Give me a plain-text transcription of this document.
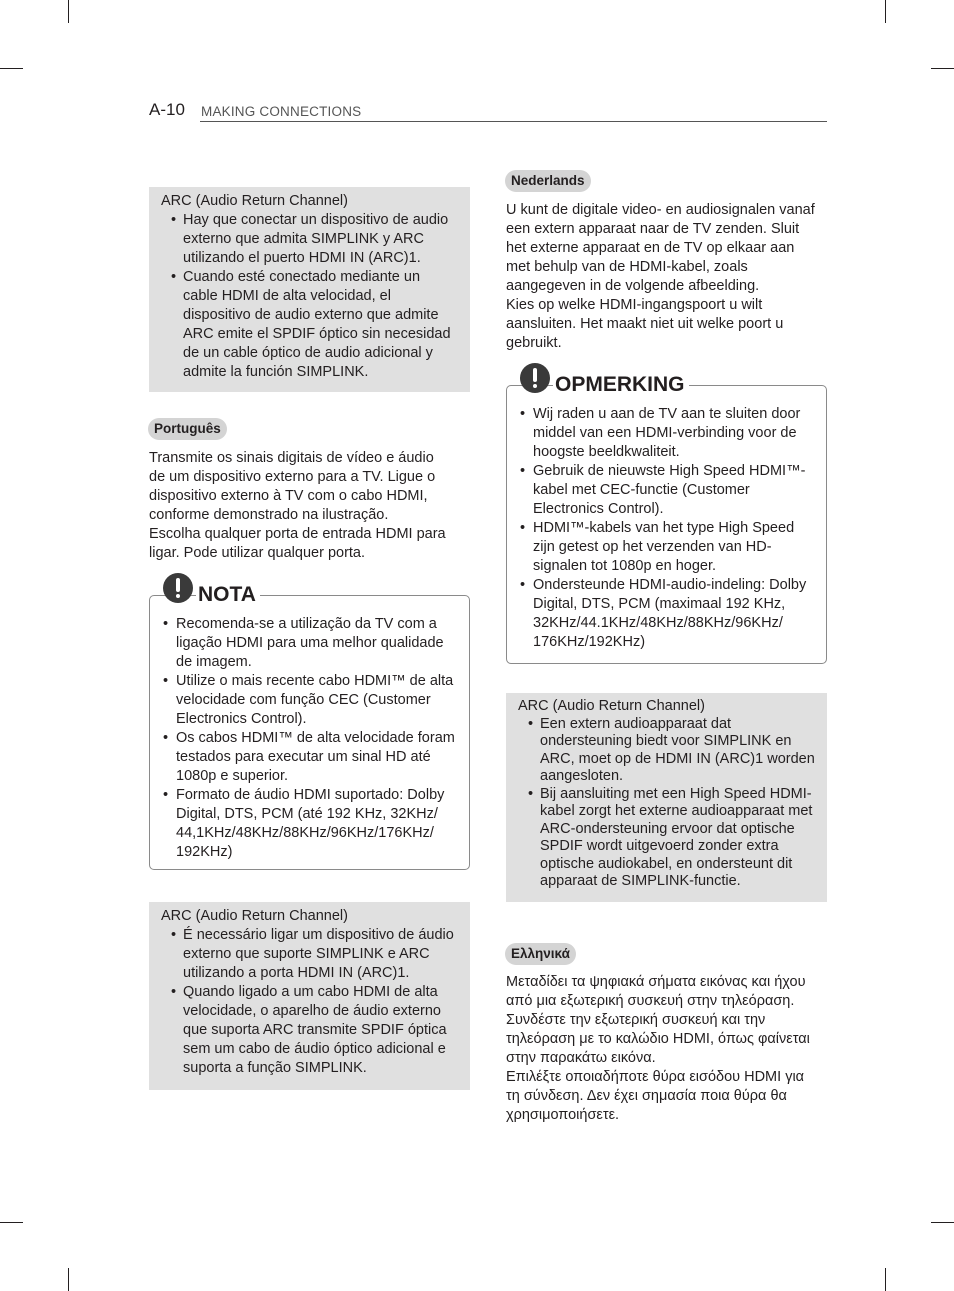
A-10 MAKING CONNECTIONS
ARC (Audio Return Channel)
• Hay que conectar un dispositivo de audio externo que admita SIMPLINK y ARC utilizando el puerto HDMI IN (ARC)1.
• Cuando esté conectado mediante un cable HDMI de alta velocidad, el dispositivo de audio externo que admite ARC emite el SPDIF óptico sin necesidad de un cable óptico de audio adicional y admite la función SIMPLINK.
Português

Transmite os sinais digitais de vídeo e áudio de um dispositivo externo para a TV. Ligue o dispositivo externo à TV com o cabo HDMI, conforme demonstrado na ilustração.

Escolha qualquer porta de entrada HDMI para ligar. Pode utilizar qualquer porta.

• Recomenda-se a utilização da TV com a ligação HDMI para uma melhor qualidade de imagem.
• Utilize o mais recente cabo HDMI™ de alta velocidade com função CEC (Customer Electronics Control).
• Os cabos HDMI™ de alta velocidade foram testados para executar um sinal HD até 1080p e superior.
• Formato de áudio HDMI suportado: Dolby Digital, DTS, PCM (até 192 KHz, 32KHz/ 44,1KHz/48KHz/88KHz/96KHz/176KHz/ 192KHz)
NOTA
ARC (Audio Return Channel)
• É necessário ligar um dispositivo de áudio externo que suporte SIMPLINK e ARC utilizando a porta HDMI IN (ARC)1.
• Quando ligado a um cabo HDMI de alta velocidade, o aparelho de áudio externo que suporta ARC transmite SPDIF óptica sem um cabo de áudio óptico adicional e suporta a função SIMPLINK.
Nederlands

U kunt de digitale video- en audiosignalen vanaf een extern apparaat naar de TV zenden. Sluit het externe apparaat en de TV op elkaar aan met behulp van de HDMI-kabel, zoals aangegeven in de volgende afbeelding.

Kies op welke HDMI-ingangspoort u wilt aansluiten. Het maakt niet uit welke poort u gebruikt.

• Wij raden u aan de TV aan te sluiten door middel van een HDMI-verbinding voor de hoogste beeldkwaliteit.
• Gebruik de nieuwste High Speed HDMI™-kabel met CEC-functie (Customer Electronics Control).
• HDMI™-kabels van het type High Speed zijn getest op het verzenden van HD-signalen tot 1080p en hoger.
• Ondersteunde HDMI-audio-indeling: Dolby Digital, DTS, PCM (maximaal 192 KHz, 32KHz/44.1KHz/48KHz/88KHz/96KHz/ 176KHz/192KHz)
OPMERKING
ARC (Audio Return Channel)
• Een extern audioapparaat dat ondersteuning biedt voor SIMPLINK en ARC, moet op de HDMI IN (ARC)1 worden aangesloten.
• Bij aansluiting met een High Speed HDMI-kabel zorgt het externe audioapparaat met ARC-ondersteuning ervoor dat optische SPDIF wordt uitgevoerd zonder extra optische audiokabel, en ondersteunt dit apparaat de SIMPLINK-functie.
Ελληνικά

Μεταδίδει τα ψηφιακά σήματα εικόνας και ήχου από μια εξωτερική συσκευή στην τηλεόραση. Συνδέστε την εξωτερική συσκευή και την τηλεόραση με το καλώδιο HDMI, όπως φαίνεται στην παρακάτω εικόνα.

Επιλέξτε οποιαδήποτε θύρα εισόδου HDMI για τη σύνδεση. Δεν έχει σημασία ποια θύρα θα χρησιμοποιήσετε.
